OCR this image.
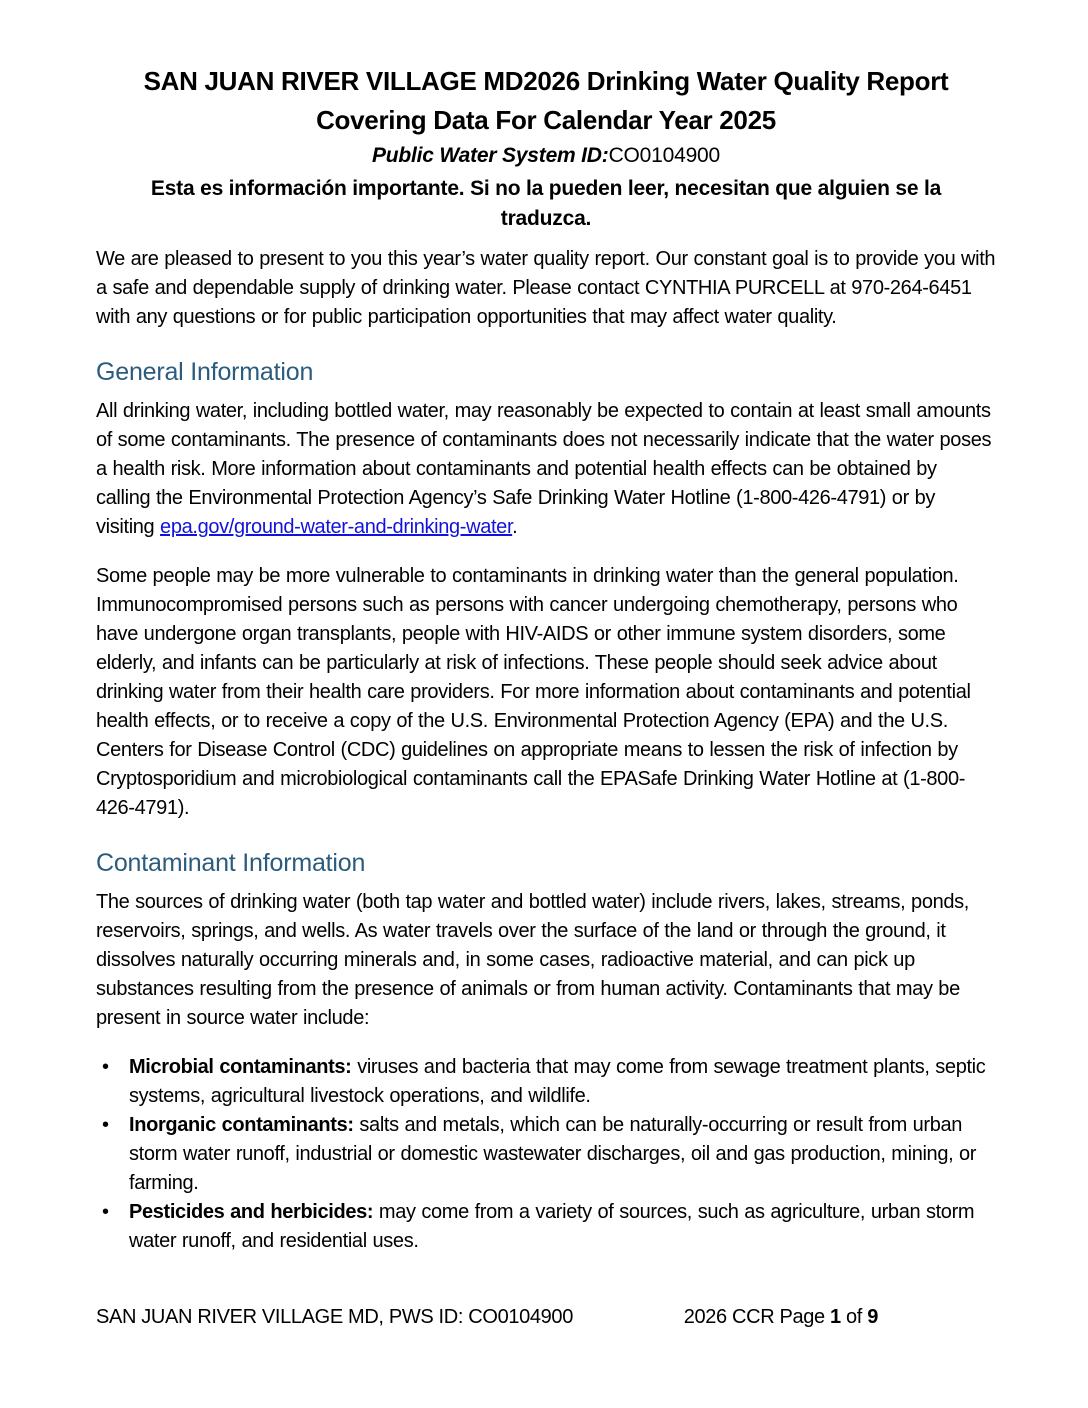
SAN JUAN RIVER VILLAGE MD2026 Drinking Water Quality Report
Covering Data For Calendar Year 2025
Public Water System ID:CO0104900
Esta es información importante. Si no la pueden leer, necesitan que alguien se la traduzca.

We are pleased to present to you this year’s water quality report. Our constant goal is to provide you with a safe and dependable supply of drinking water. Please contact CYNTHIA PURCELL at 970-264-6451 with any questions or for public participation opportunities that may affect water quality.

General Information

All drinking water, including bottled water, may reasonably be expected to contain at least small amounts of some contaminants. The presence of contaminants does not necessarily indicate that the water poses a health risk. More information about contaminants and potential health effects can be obtained by calling the Environmental Protection Agency’s Safe Drinking Water Hotline (1-800-426-4791) or by visiting epa.gov/ground-water-and-drinking-water.

Some people may be more vulnerable to contaminants in drinking water than the general population. Immunocompromised persons such as persons with cancer undergoing chemotherapy, persons who have undergone organ transplants, people with HIV-AIDS or other immune system disorders, some elderly, and infants can be particularly at risk of infections. These people should seek advice about drinking water from their health care providers. For more information about contaminants and potential health effects, or to receive a copy of the U.S. Environmental Protection Agency (EPA) and the U.S. Centers for Disease Control (CDC) guidelines on appropriate means to lessen the risk of infection by Cryptosporidium and microbiological contaminants call the EPASafe Drinking Water Hotline at (1-800-426-4791).

Contaminant Information

The sources of drinking water (both tap water and bottled water) include rivers, lakes, streams, ponds, reservoirs, springs, and wells. As water travels over the surface of the land or through the ground, it dissolves naturally occurring minerals and, in some cases, radioactive material, and can pick up substances resulting from the presence of animals or from human activity. Contaminants that may be present in source water include:

• Microbial contaminants: viruses and bacteria that may come from sewage treatment plants, septic systems, agricultural livestock operations, and wildlife.
• Inorganic contaminants: salts and metals, which can be naturally-occurring or result from urban storm water runoff, industrial or domestic wastewater discharges, oil and gas production, mining, or farming.
• Pesticides and herbicides: may come from a variety of sources, such as agriculture, urban storm water runoff, and residential uses.
SAN JUAN RIVER VILLAGE MD, PWS ID: CO0104900	2026 CCR Page 1 of 9
